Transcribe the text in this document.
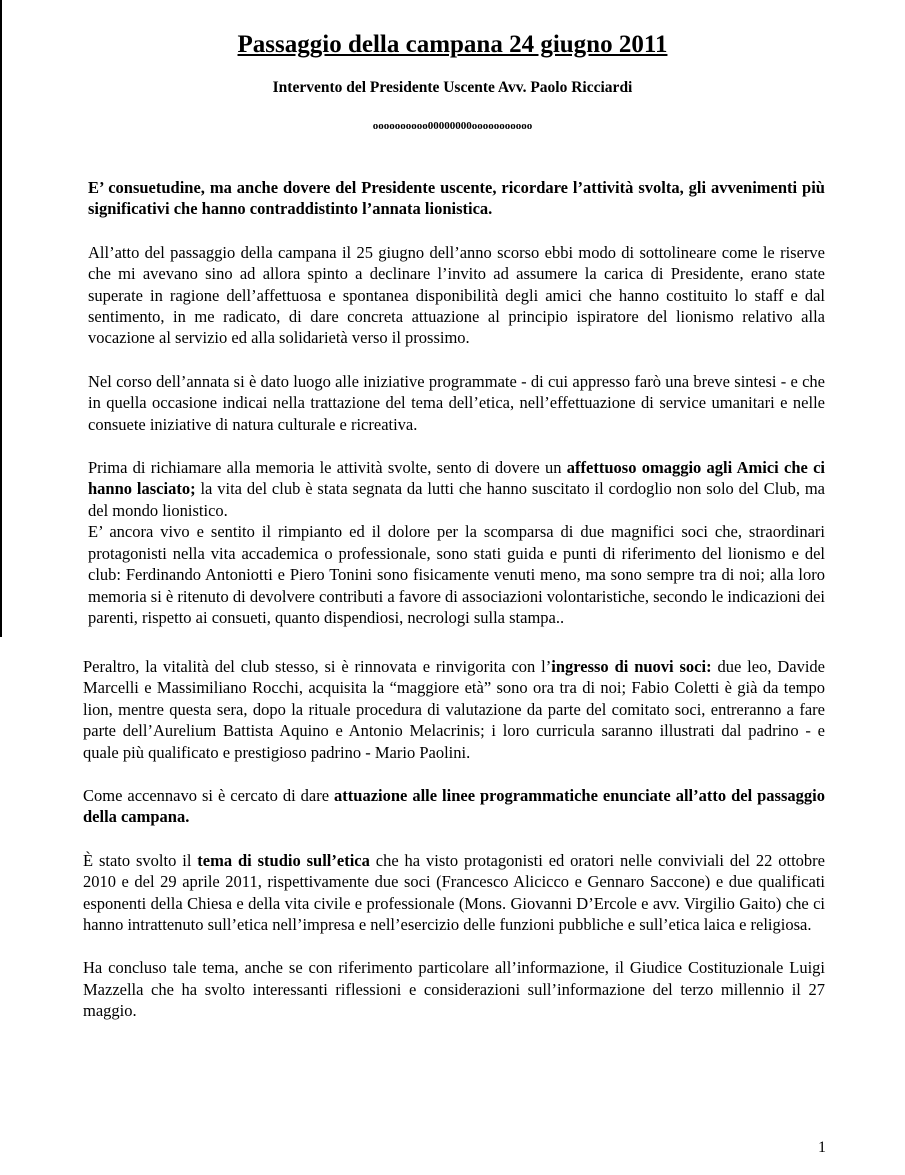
Passaggio della campana 24 giugno 2011
Intervento del Presidente Uscente Avv. Paolo Ricciardi
oooooooooo00000000ooooooooooo

E’ consuetudine, ma anche dovere del Presidente uscente, ricordare l’attività svolta, gli avvenimenti più significativi che hanno contraddistinto l’annata lionistica.

All’atto del passaggio della campana il 25 giugno dell’anno scorso ebbi modo di sottolineare come le riserve che mi avevano sino ad allora spinto a declinare l’invito ad assumere la carica di Presidente, erano state superate in ragione dell’affettuosa e spontanea disponibilità degli amici che hanno costituito lo staff e dal sentimento, in me radicato, di dare concreta attuazione al principio ispiratore del lionismo relativo alla vocazione al servizio ed alla solidarietà verso il prossimo.

Nel corso dell’annata si è dato luogo alle iniziative programmate - di cui appresso farò una breve sintesi - e che in quella occasione indicai nella trattazione del tema dell’etica, nell’effettuazione di service umanitari e nelle consuete iniziative di natura culturale e ricreativa.

Prima di richiamare alla memoria le attività svolte, sento di dovere un affettuoso omaggio agli Amici che ci hanno lasciato; la vita del club è stata segnata da lutti che hanno suscitato il cordoglio non solo del Club, ma del mondo lionistico.

E’ ancora vivo e sentito il rimpianto ed il dolore per la scomparsa di due magnifici soci che, straordinari protagonisti nella vita accademica o professionale, sono stati guida e punti di riferimento del lionismo e del club: Ferdinando Antoniotti e Piero Tonini sono fisicamente venuti meno, ma sono sempre tra di noi; alla loro memoria si è ritenuto di devolvere contributi a favore di associazioni volontaristiche, secondo le indicazioni dei parenti, rispetto ai consueti, quanto dispendiosi, necrologi sulla stampa..

Peraltro, la vitalità del club stesso, si è rinnovata e rinvigorita con l’ingresso di nuovi soci: due leo, Davide Marcelli e Massimiliano Rocchi, acquisita la “maggiore età” sono ora tra di noi; Fabio Coletti è già da tempo lion, mentre questa sera, dopo la rituale procedura di valutazione da parte del comitato soci, entreranno a fare parte dell’Aurelium Battista Aquino e Antonio Melacrinis; i loro curricula saranno illustrati dal padrino - e quale più qualificato e prestigioso padrino - Mario Paolini.

Come accennavo si è cercato di dare attuazione alle linee programmatiche enunciate all’atto del passaggio della campana.

È stato svolto il tema di studio sull’etica che ha visto protagonisti ed oratori nelle conviviali del 22 ottobre 2010 e del 29 aprile 2011, rispettivamente due soci (Francesco Alicicco e Gennaro Saccone) e due qualificati esponenti della Chiesa e della vita civile e professionale (Mons. Giovanni D’Ercole e avv. Virgilio Gaito) che ci hanno intrattenuto sull’etica nell’impresa e nell’esercizio delle funzioni pubbliche e sull’etica laica e religiosa.

Ha concluso tale tema, anche se con riferimento particolare all’informazione, il Giudice Costituzionale Luigi Mazzella che ha svolto interessanti riflessioni e considerazioni sull’informazione del terzo millennio il 27 maggio.

1
